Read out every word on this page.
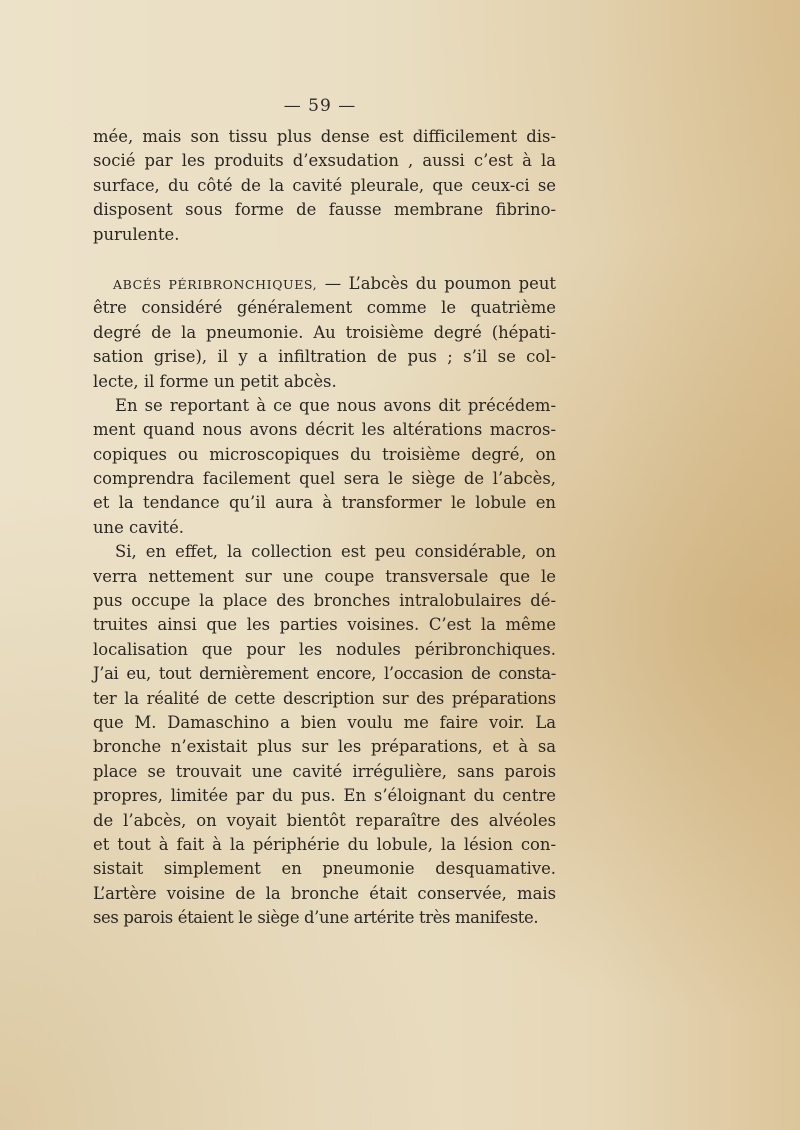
— 59 —
mée, mais son tissu plus dense est difficilement dis-
socié par les produits d’exsudation , aussi c’est à la
surface, du côté de la cavité pleurale, que ceux-ci se
disposent sous forme de fausse membrane fibrino-
purulente.
ABCÉS PÉRIBRONCHIQUES, — L’abcès du poumon peut
être considéré généralement comme le quatrième
degré de la pneumonie. Au troisième degré (hépati-
sation grise), il y a infiltration de pus ; s’il se col-
lecte, il forme un petit abcès.
En se reportant à ce que nous avons dit précédem-
ment quand nous avons décrit les altérations macros-
copiques ou microscopiques du troisième degré, on
comprendra facilement quel sera le siège de l’abcès,
et la tendance qu’il aura à transformer le lobule en
une cavité.
Si, en effet, la collection est peu considérable, on
verra nettement sur une coupe transversale que le
pus occupe la place des bronches intralobulaires dé-
truites ainsi que les parties voisines. C’est la même
localisation que pour les nodules péribronchiques.
J’ai eu, tout dernièrement encore, l’occasion de consta-
ter la réalité de cette description sur des préparations
que M. Damaschino a bien voulu me faire voir. La
bronche n’existait plus sur les préparations, et à sa
place se trouvait une cavité irrégulière, sans parois
propres, limitée par du pus. En s’éloignant du centre
de l’abcès, on voyait bientôt reparaître des alvéoles
et tout à fait à la périphérie du lobule, la lésion con-
sistait simplement en pneumonie desquamative.
L’artère voisine de la bronche était conservée, mais
ses parois étaient le siège d’une artérite très manifeste.
